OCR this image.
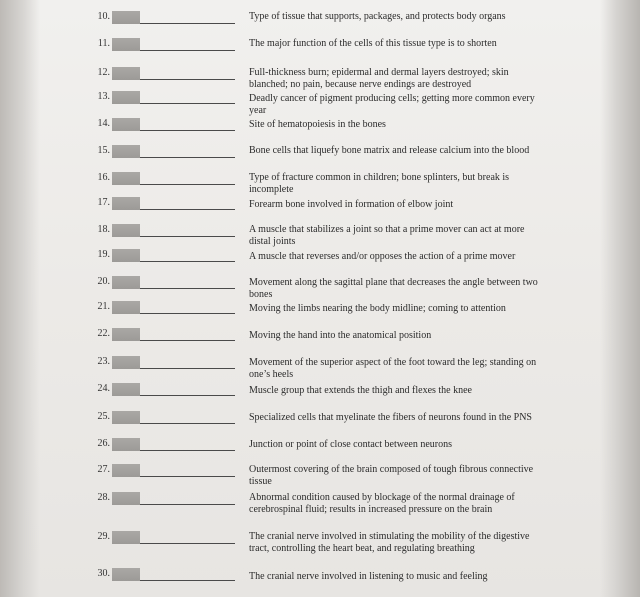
10.	Type of tissue that supports, packages, and protects body organs
11.	The major function of the cells of this tissue type is to shorten
12.	Full-thickness burn; epidermal and dermal layers destroyed; skin blanched; no pain, because nerve endings are destroyed
13.	Deadly cancer of pigment producing cells; getting more common every year
14.	Site of hematopoiesis in the bones
15.	Bone cells that liquefy bone matrix and release calcium into the blood
16.	Type of fracture common in children; bone splinters, but break is incomplete
17.	Forearm bone involved in formation of elbow joint
18.	A muscle that stabilizes a joint so that a prime mover can act at more distal joints
19.	A muscle that reverses and/or opposes the action of a prime mover
20.	Movement along the sagittal plane that decreases the angle between two bones
21.	Moving the limbs nearing the body midline; coming to attention
22.	Moving the hand into the anatomical position
23.	Movement of the superior aspect of the foot toward the leg; standing on one’s heels
24.	Muscle group that extends the thigh and flexes the knee
25.	Specialized cells that myelinate the fibers of neurons found in the PNS
26.	Junction or point of close contact between neurons
27.	Outermost covering of the brain composed of tough fibrous connective tissue
28.	Abnormal condition caused by blockage of the normal drainage of cerebrospinal fluid; results in increased pressure on the brain
29.	The cranial nerve involved in stimulating the mobility of the digestive tract, controlling the heart beat, and regulating breathing
30.	The cranial nerve involved in listening to music and feeling
